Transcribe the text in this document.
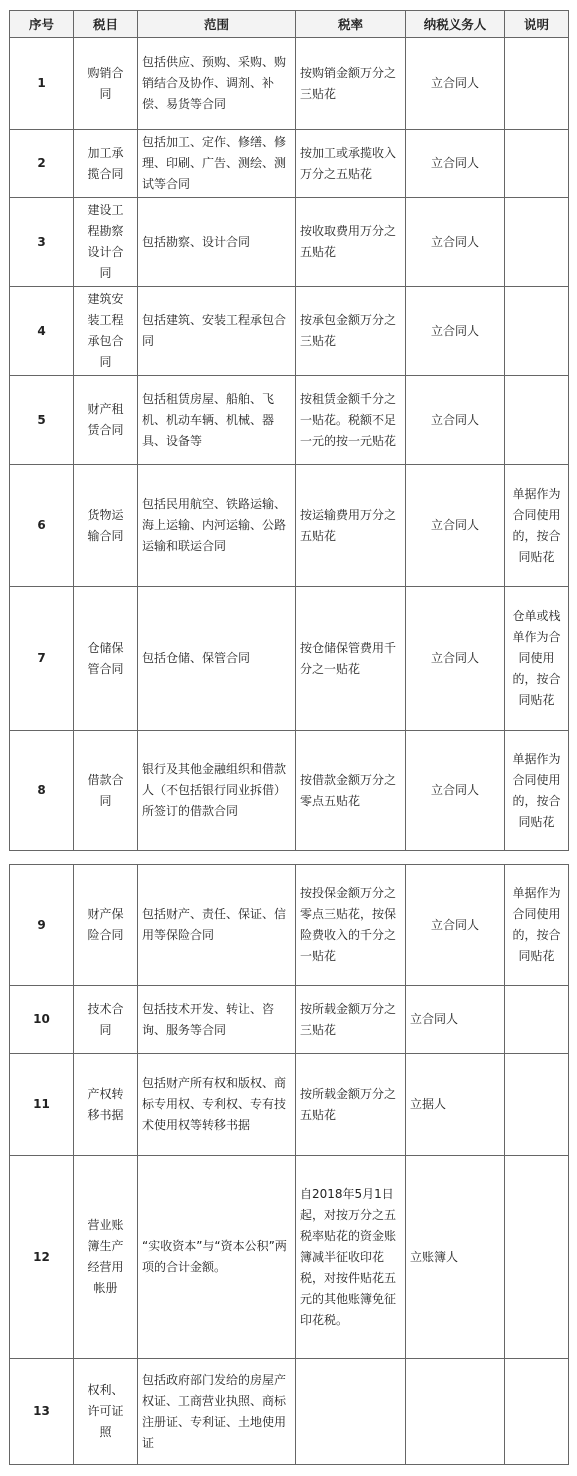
序号	税目	范围	税率	纳税义务人	说明
1	购销合同	包括供应、预购、采购、购销结合及协作、调剂、补偿、易货等合同	按购销金额万分之三贴花	立合同人	
2	加工承揽合同	包括加工、定作、修缮、修理、印刷、广告、测绘、测试等合同	按加工或承揽收入万分之五贴花	立合同人	
3	建设工程勘察设计合同	包括勘察、设计合同	按收取费用万分之五贴花	立合同人	
4	建筑安装工程承包合同	包括建筑、安装工程承包合同	按承包金额万分之三贴花	立合同人	
5	财产租赁合同	包括租赁房屋、船舶、飞机、机动车辆、机械、器具、设备等	按租赁金额千分之一贴花。税额不足一元的按一元贴花	立合同人	
6	货物运输合同	包括民用航空、铁路运输、海上运输、内河运输、公路运输和联运合同	按运输费用万分之五贴花	立合同人	单据作为合同使用的，按合同贴花
7	仓储保管合同	包括仓储、保管合同	按仓储保管费用千分之一贴花	立合同人	仓单或栈单作为合同使用的，按合同贴花
8	借款合同	银行及其他金融组织和借款人（不包括银行同业拆借）所签订的借款合同	按借款金额万分之零点五贴花	立合同人	单据作为合同使用的，按合同贴花
9	财产保险合同	包括财产、责任、保证、信用等保险合同	按投保金额万分之零点三贴花，按保险费收入的千分之一贴花	立合同人	单据作为合同使用的，按合同贴花
10	技术合同	包括技术开发、转让、咨询、服务等合同	按所载金额万分之三贴花	立合同人	
11	产权转移书据	包括财产所有权和版权、商标专用权、专利权、专有技术使用权等转移书据	按所载金额万分之五贴花	立据人	
12	营业账簿生产经营用帐册	“实收资本”与“资本公积”两项的合计金额。	自2018年5月1日起，对按万分之五税率贴花的资金账簿减半征收印花税，对按件贴花五元的其他账簿免征印花税。	立账簿人	
13	权利、许可证照	包括政府部门发给的房屋产权证、工商营业执照、商标注册证、专利证、土地使用证			
